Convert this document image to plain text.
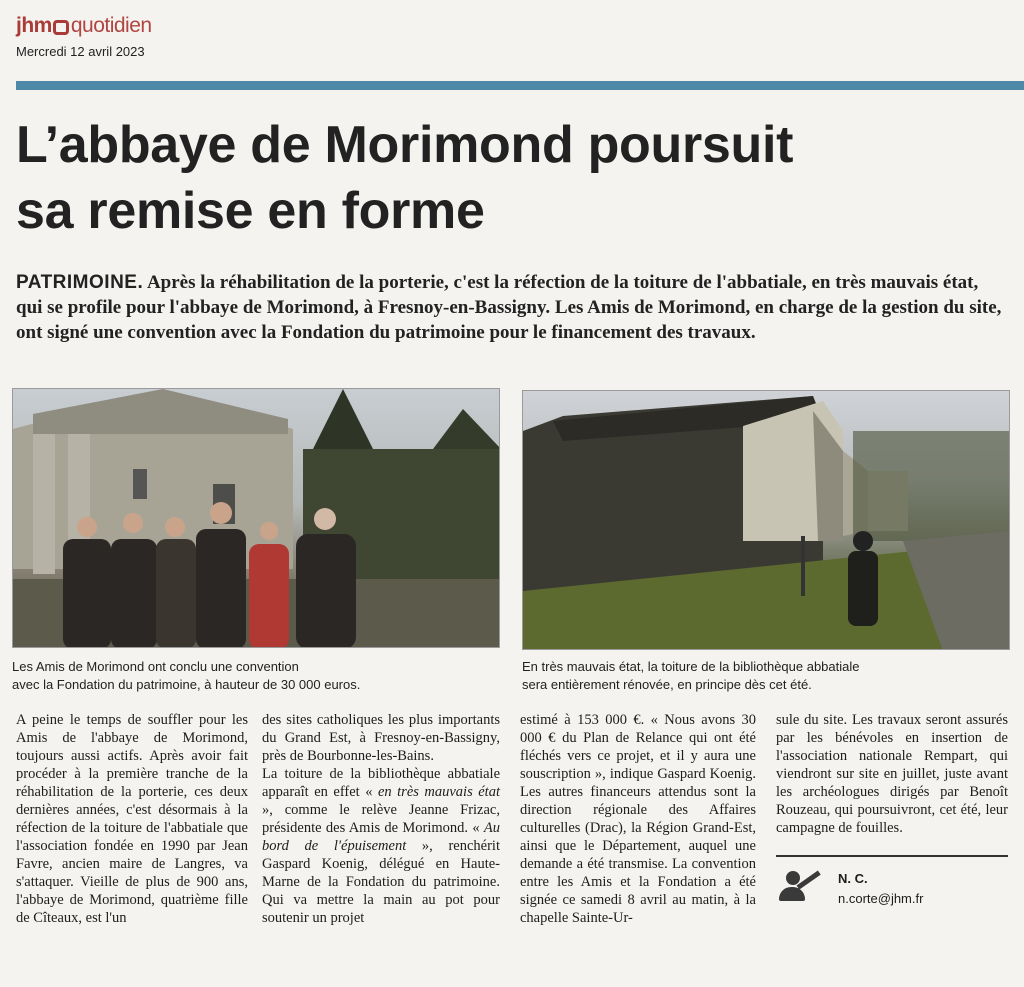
jhm quotidien
Mercredi 12 avril 2023
L’abbaye de Morimond poursuit
sa remise en forme
PATRIMOINE. Après la réhabilitation de la porterie, c'est la réfection de la toiture de l'abbatiale, en très mauvais état, qui se profile pour l'abbaye de Morimond, à Fresnoy-en-Bassigny. Les Amis de Morimond, en charge de la gestion du site, ont signé une convention avec la Fondation du patrimoine pour le financement des travaux.
Les Amis de Morimond ont conclu une convention
avec la Fondation du patrimoine, à hauteur de 30 000 euros.
En très mauvais état, la toiture de la bibliothèque abbatiale
sera entièrement rénovée, en principe dès cet été.
A peine le temps de souffler pour les Amis de l'abbaye de Morimond, toujours aussi actifs. Après avoir fait procéder à la première tranche de la réhabilitation de la porterie, ces deux dernières années, c'est désormais à la réfection de la toiture de l'abbatiale que l'association fondée en 1990 par Jean Favre, ancien maire de Langres, va s'attaquer. Vieille de plus de 900 ans, l'abbaye de Morimond, quatrième fille de Cîteaux, est l'un

des sites catholiques les plus importants du Grand Est, à Fresnoy-en-Bassigny, près de Bourbonne-les-Bains.

La toiture de la bibliothèque abbatiale apparaît en effet « en très mauvais état », comme le relève Jeanne Frizac, présidente des Amis de Morimond. « Au bord de l'épuisement », renchérit Gaspard Koenig, délégué en Haute-Marne de la Fondation du patrimoine. Qui va mettre la main au pot pour soutenir un projet

estimé à 153 000 €. « Nous avons 30 000 € du Plan de Relance qui ont été fléchés vers ce projet, et il y aura une souscription », indique Gaspard Koenig. Les autres financeurs attendus sont la direction régionale des Affaires culturelles (Drac), la Région Grand-Est, ainsi que le Département, auquel une demande a été transmise. La convention entre les Amis et la Fondation a été signée ce samedi 8 avril au matin, à la chapelle Sainte-Ur-

sule du site. Les travaux seront assurés par les bénévoles en insertion de l'association nationale Rempart, qui viendront sur site en juillet, juste avant les archéologues dirigés par Benoît Rouzeau, qui poursuivront, cet été, leur campagne de fouilles.

N. C.
n.corte@jhm.fr
